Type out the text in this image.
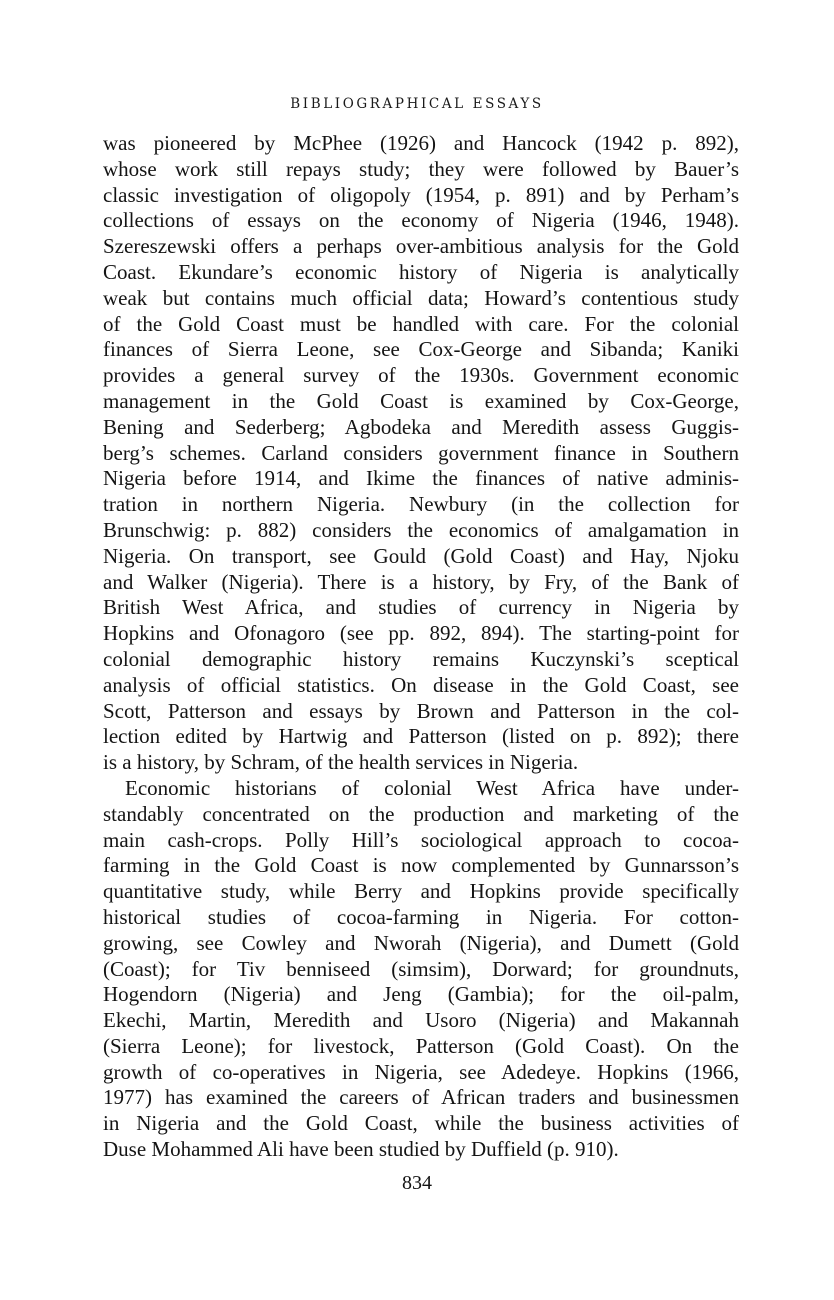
BIBLIOGRAPHICAL ESSAYS
was pioneered by McPhee (1926) and Hancock (1942 p. 892),
whose work still repays study; they were followed by Bauer’s
classic investigation of oligopoly (1954, p. 891) and by Perham’s
collections of essays on the economy of Nigeria (1946, 1948).
Szereszewski offers a perhaps over-ambitious analysis for the Gold
Coast. Ekundare’s economic history of Nigeria is analytically
weak but contains much official data; Howard’s contentious study
of the Gold Coast must be handled with care. For the colonial
finances of Sierra Leone, see Cox-George and Sibanda; Kaniki
provides a general survey of the 1930s. Government economic
management in the Gold Coast is examined by Cox-George,
Bening and Sederberg; Agbodeka and Meredith assess Guggis-
berg’s schemes. Carland considers government finance in Southern
Nigeria before 1914, and Ikime the finances of native adminis-
tration in northern Nigeria. Newbury (in the collection for
Brunschwig: p. 882) considers the economics of amalgamation in
Nigeria. On transport, see Gould (Gold Coast) and Hay, Njoku
and Walker (Nigeria). There is a history, by Fry, of the Bank of
British West Africa, and studies of currency in Nigeria by
Hopkins and Ofonagoro (see pp. 892, 894). The starting-point for
colonial demographic history remains Kuczynski’s sceptical
analysis of official statistics. On disease in the Gold Coast, see
Scott, Patterson and essays by Brown and Patterson in the col-
lection edited by Hartwig and Patterson (listed on p. 892); there
is a history, by Schram, of the health services in Nigeria.
Economic historians of colonial West Africa have under-
standably concentrated on the production and marketing of the
main cash-crops. Polly Hill’s sociological approach to cocoa-
farming in the Gold Coast is now complemented by Gunnarsson’s
quantitative study, while Berry and Hopkins provide specifically
historical studies of cocoa-farming in Nigeria. For cotton-
growing, see Cowley and Nworah (Nigeria), and Dumett (Gold
(Coast); for Tiv benniseed (simsim), Dorward; for groundnuts,
Hogendorn (Nigeria) and Jeng (Gambia); for the oil-palm,
Ekechi, Martin, Meredith and Usoro (Nigeria) and Makannah
(Sierra Leone); for livestock, Patterson (Gold Coast). On the
growth of co-operatives in Nigeria, see Adedeye. Hopkins (1966,
1977) has examined the careers of African traders and businessmen
in Nigeria and the Gold Coast, while the business activities of
Duse Mohammed Ali have been studied by Duffield (p. 910).
834
